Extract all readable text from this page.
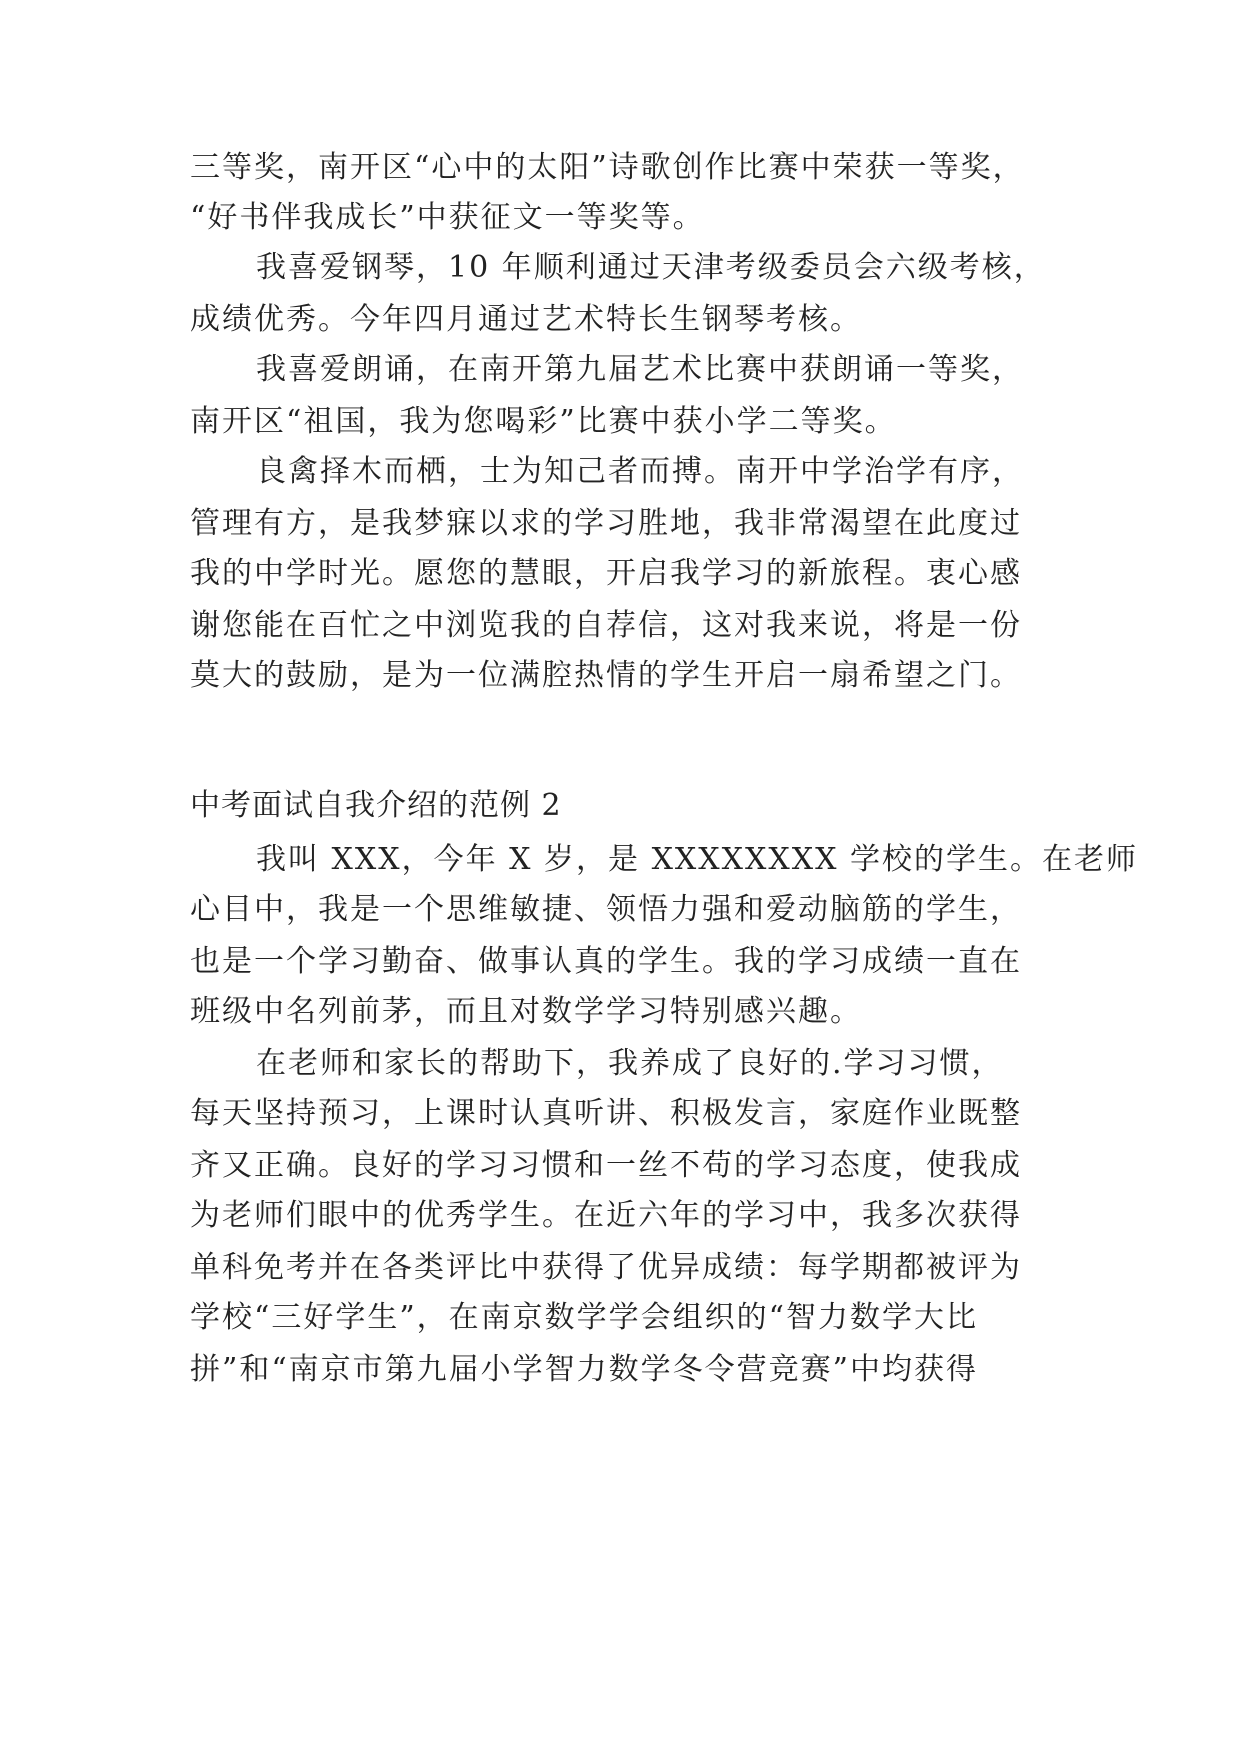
三等奖，南开区“心中的太阳”诗歌创作比赛中荣获一等奖，
“好书伴我成长”中获征文一等奖等。
我喜爱钢琴，10 年顺利通过天津考级委员会六级考核，
成绩优秀。今年四月通过艺术特长生钢琴考核。
我喜爱朗诵，在南开第九届艺术比赛中获朗诵一等奖，
南开区“祖国，我为您喝彩”比赛中获小学二等奖。
良禽择木而栖，士为知己者而搏。南开中学治学有序，
管理有方，是我梦寐以求的学习胜地，我非常渴望在此度过
我的中学时光。愿您的慧眼，开启我学习的新旅程。衷心感
谢您能在百忙之中浏览我的自荐信，这对我来说，将是一份
莫大的鼓励，是为一位满腔热情的学生开启一扇希望之门。
中考面试自我介绍的范例 2
我叫 XXX，今年 X 岁，是 XXXXXXXX 学校的学生。在老师
心目中，我是一个思维敏捷、领悟力强和爱动脑筋的学生，
也是一个学习勤奋、做事认真的学生。我的学习成绩一直在
班级中名列前茅，而且对数学学习特别感兴趣。
在老师和家长的帮助下，我养成了良好的.学习习惯，
每天坚持预习，上课时认真听讲、积极发言，家庭作业既整
齐又正确。良好的学习习惯和一丝不苟的学习态度，使我成
为老师们眼中的优秀学生。在近六年的学习中，我多次获得
单科免考并在各类评比中获得了优异成绩：每学期都被评为
学校“三好学生”，在南京数学学会组织的“智力数学大比
拼”和“南京市第九届小学智力数学冬令营竞赛”中均获得
